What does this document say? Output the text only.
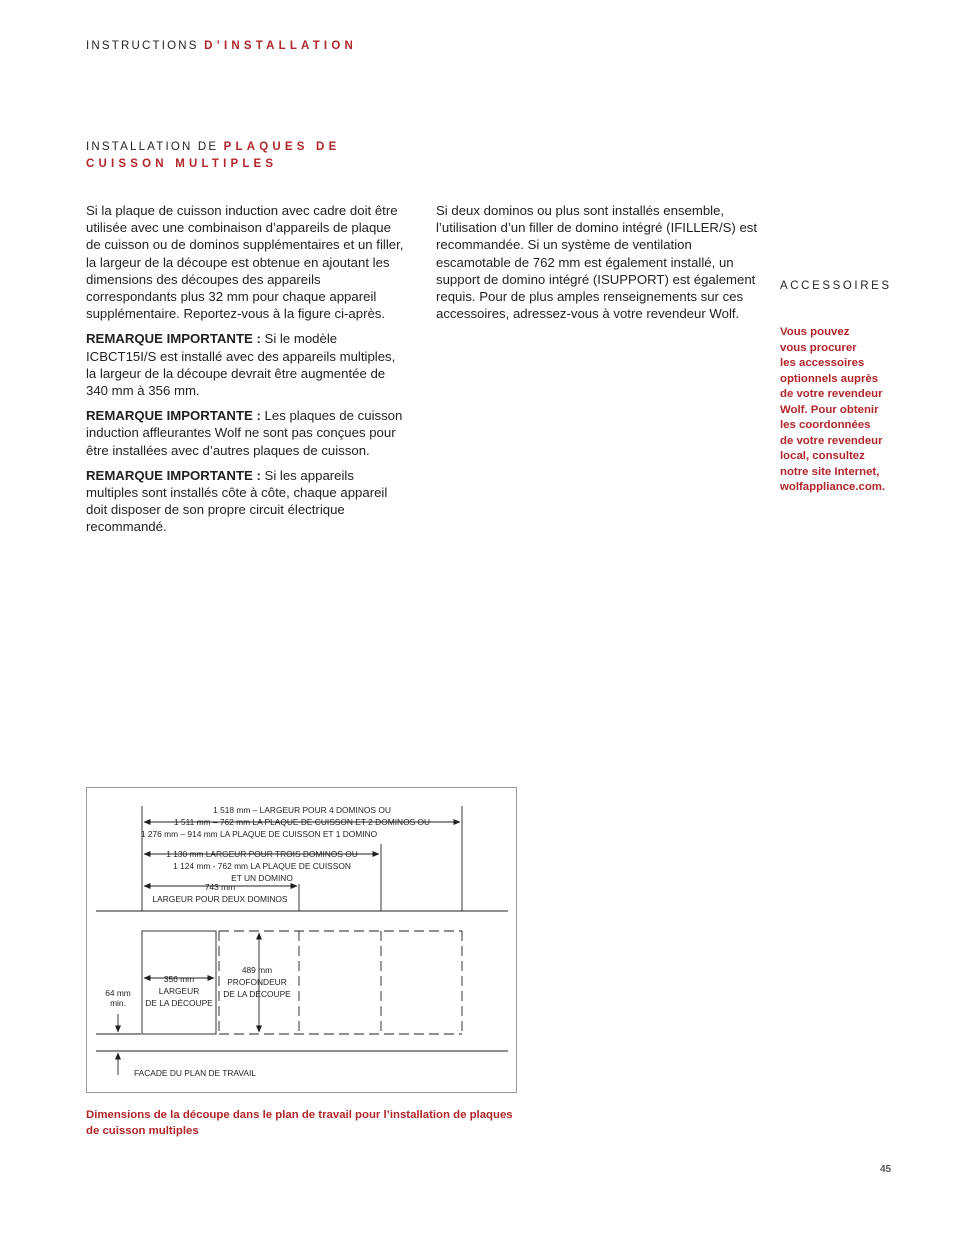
INSTRUCTIONS D’INSTALLATION
INSTALLATION DE PLAQUES DE CUISSON MULTIPLES

Si la plaque de cuisson induction avec cadre doit être utilisée avec une combinaison d’appareils de plaque de cuisson ou de dominos supplémentaires et un filler, la largeur de la découpe est obtenue en ajoutant les dimensions des découpes des appareils correspondants plus 32 mm pour chaque appareil supplémentaire. Reportez-vous à la figure ci-après.

REMARQUE IMPORTANTE : Si le modèle ICBCT15I/S est installé avec des appareils multiples, la largeur de la découpe devrait être augmentée de 340 mm à 356 mm.

REMARQUE IMPORTANTE : Les plaques de cuisson induction affleurantes Wolf ne sont pas conçues pour être installées avec d’autres plaques de cuisson.

REMARQUE IMPORTANTE : Si les appareils multiples sont installés côte à côte, chaque appareil doit disposer de son propre circuit électrique recommandé.

Si deux dominos ou plus sont installés ensemble, l’utilisation d’un filler de domino intégré (IFILLER/S) est recommandée. Si un système de ventilation escamotable de 762 mm est également installé, un support de domino intégré (ISUPPORT) est également requis. Pour de plus amples renseignements sur ces accessoires, adressez-vous à votre revendeur Wolf.

ACCESSOIRES
Vous pouvez
vous procurer
les accessoires
optionnels auprès
de votre revendeur
Wolf. Pour obtenir
les coordonnées
de votre revendeur
local, consultez
notre site Internet,
wolfappliance.com.
1 518 mm – LARGEUR POUR 4 DOMINOS OU
1 511 mm – 762 mm LA PLAQUE DE CUISSON ET 2 DOMINOS OU
1 276 mm – 914 mm LA PLAQUE DE CUISSON ET 1 DOMINO
1 130 mm LARGEUR POUR TROIS DOMINOS OU
1 124 mm - 762 mm LA PLAQUE DE CUISSON
ET UN DOMINO
743 mm
LARGEUR POUR DEUX DOMINOS
356 mm
LARGEUR
DE LA DÉCOUPE
489 mm
PROFONDEUR
DE LA DÉCOUPE
64 mm
min.
FACADE DU PLAN DE TRAVAIL
Dimensions de la découpe dans le plan de travail pour l’installation de plaques de cuisson multiples
45
